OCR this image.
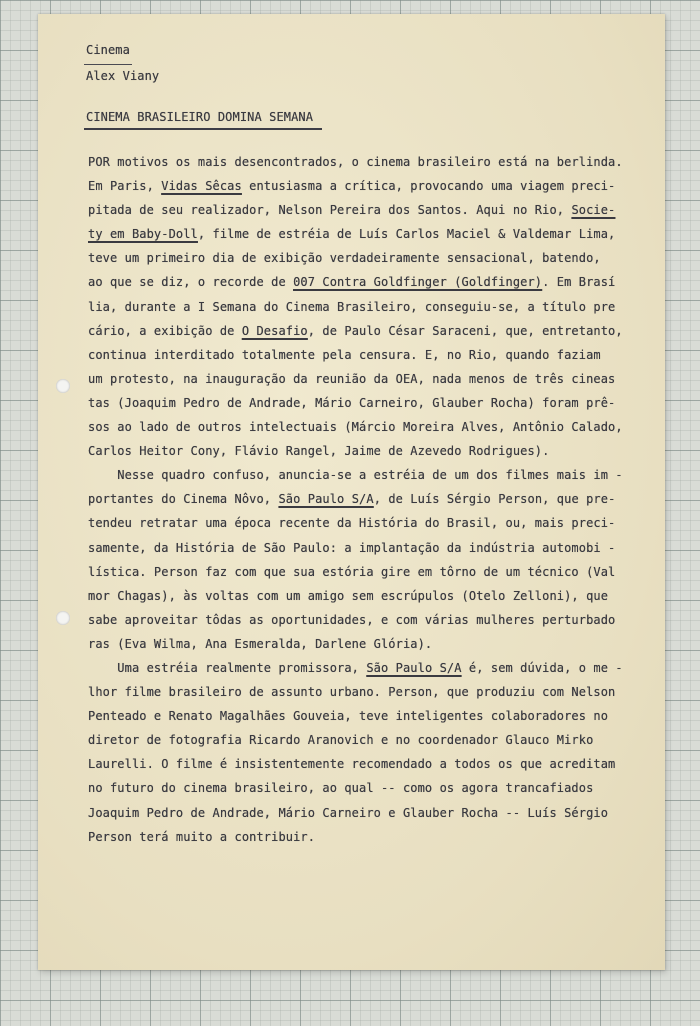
Cinema
Alex Viany
CINEMA BRASILEIRO DOMINA SEMANA
POR motivos os mais desencontrados, o cinema brasileiro está na berlinda.
Em Paris, Vidas Sêcas entusiasma a crítica, provocando uma viagem preci-
pitada de seu realizador, Nelson Pereira dos Santos. Aqui no Rio, Socie-
ty em Baby-Doll, filme de estréia de Luís Carlos Maciel & Valdemar Lima,
teve um primeiro dia de exibição verdadeiramente sensacional, batendo,
ao que se diz, o recorde de 007 Contra Goldfinger (Goldfinger). Em Brasí
lia, durante a I Semana do Cinema Brasileiro, conseguiu-se, a título pre
cário, a exibição de O Desafio, de Paulo César Saraceni, que, entretanto,
continua interditado totalmente pela censura. E, no Rio, quando faziam
um protesto, na inauguração da reunião da OEA, nada menos de três cineas
tas (Joaquim Pedro de Andrade, Mário Carneiro, Glauber Rocha) foram prê-
sos ao lado de outros intelectuais (Márcio Moreira Alves, Antônio Calado,
Carlos Heitor Cony, Flávio Rangel, Jaime de Azevedo Rodrigues).
Nesse quadro confuso, anuncia-se a estréia de um dos filmes mais im -
portantes do Cinema Nôvo, São Paulo S/A, de Luís Sérgio Person, que pre-
tendeu retratar uma época recente da História do Brasil, ou, mais preci-
samente, da História de São Paulo: a implantação da indústria automobi -
lística. Person faz com que sua estória gire em tôrno de um técnico (Val
mor Chagas), às voltas com um amigo sem escrúpulos (Otelo Zelloni), que
sabe aproveitar tôdas as oportunidades, e com várias mulheres perturbado
ras (Eva Wilma, Ana Esmeralda, Darlene Glória).
Uma estréia realmente promissora, São Paulo S/A é, sem dúvida, o me -
lhor filme brasileiro de assunto urbano. Person, que produziu com Nelson
Penteado e Renato Magalhães Gouveia, teve inteligentes colaboradores no
diretor de fotografia Ricardo Aranovich e no coordenador Glauco Mirko
Laurelli. O filme é insistentemente recomendado a todos os que acreditam
no futuro do cinema brasileiro, ao qual -- como os agora trancafiados
Joaquim Pedro de Andrade, Mário Carneiro e Glauber Rocha -- Luís Sérgio
Person terá muito a contribuir.
